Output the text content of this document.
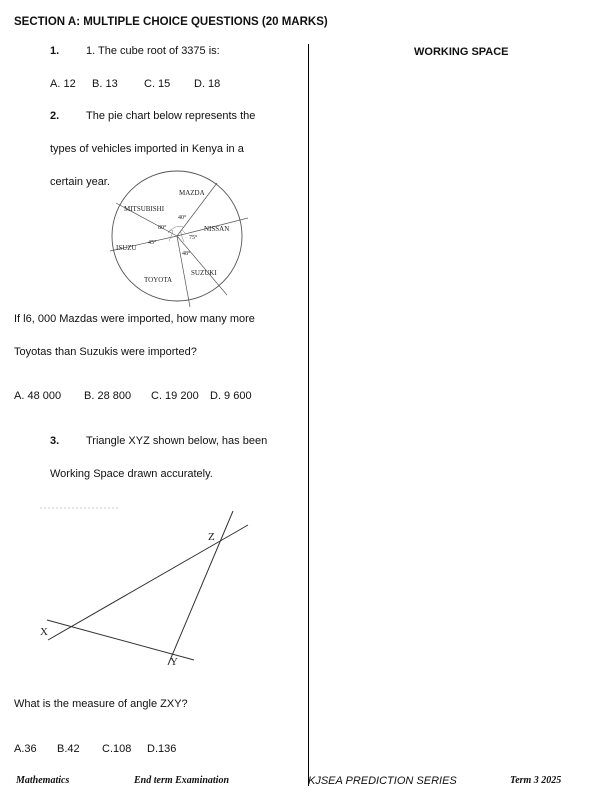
SECTION A: MULTIPLE CHOICE QUESTIONS (20 MARKS)
WORKING SPACE
1. 1. The cube root of 3375 is:
A. 12 B. 13 C. 15 D. 18
2. The pie chart below represents the
types of vehicles imported in Kenya in a
certain year.
MAZDA
NISSAN
SUZUKI
TOYOTA
ISUZU
MITSUBISHI
40°
75°
48°
45°
80°
If l6, 000 Mazdas were imported, how many more
Toyotas than Suzukis were imported?
A. 48 000 B. 28 800 C. 19 200 D. 9 600
3. Triangle XYZ shown below, has been
Working Space drawn accurately.
X
Y
Z
What is the measure of angle ZXY?
A.36 B.42 C.108 D.136
Mathematics	End term Examination	KJSEA PREDICTION SERIES	Term 3 2025
